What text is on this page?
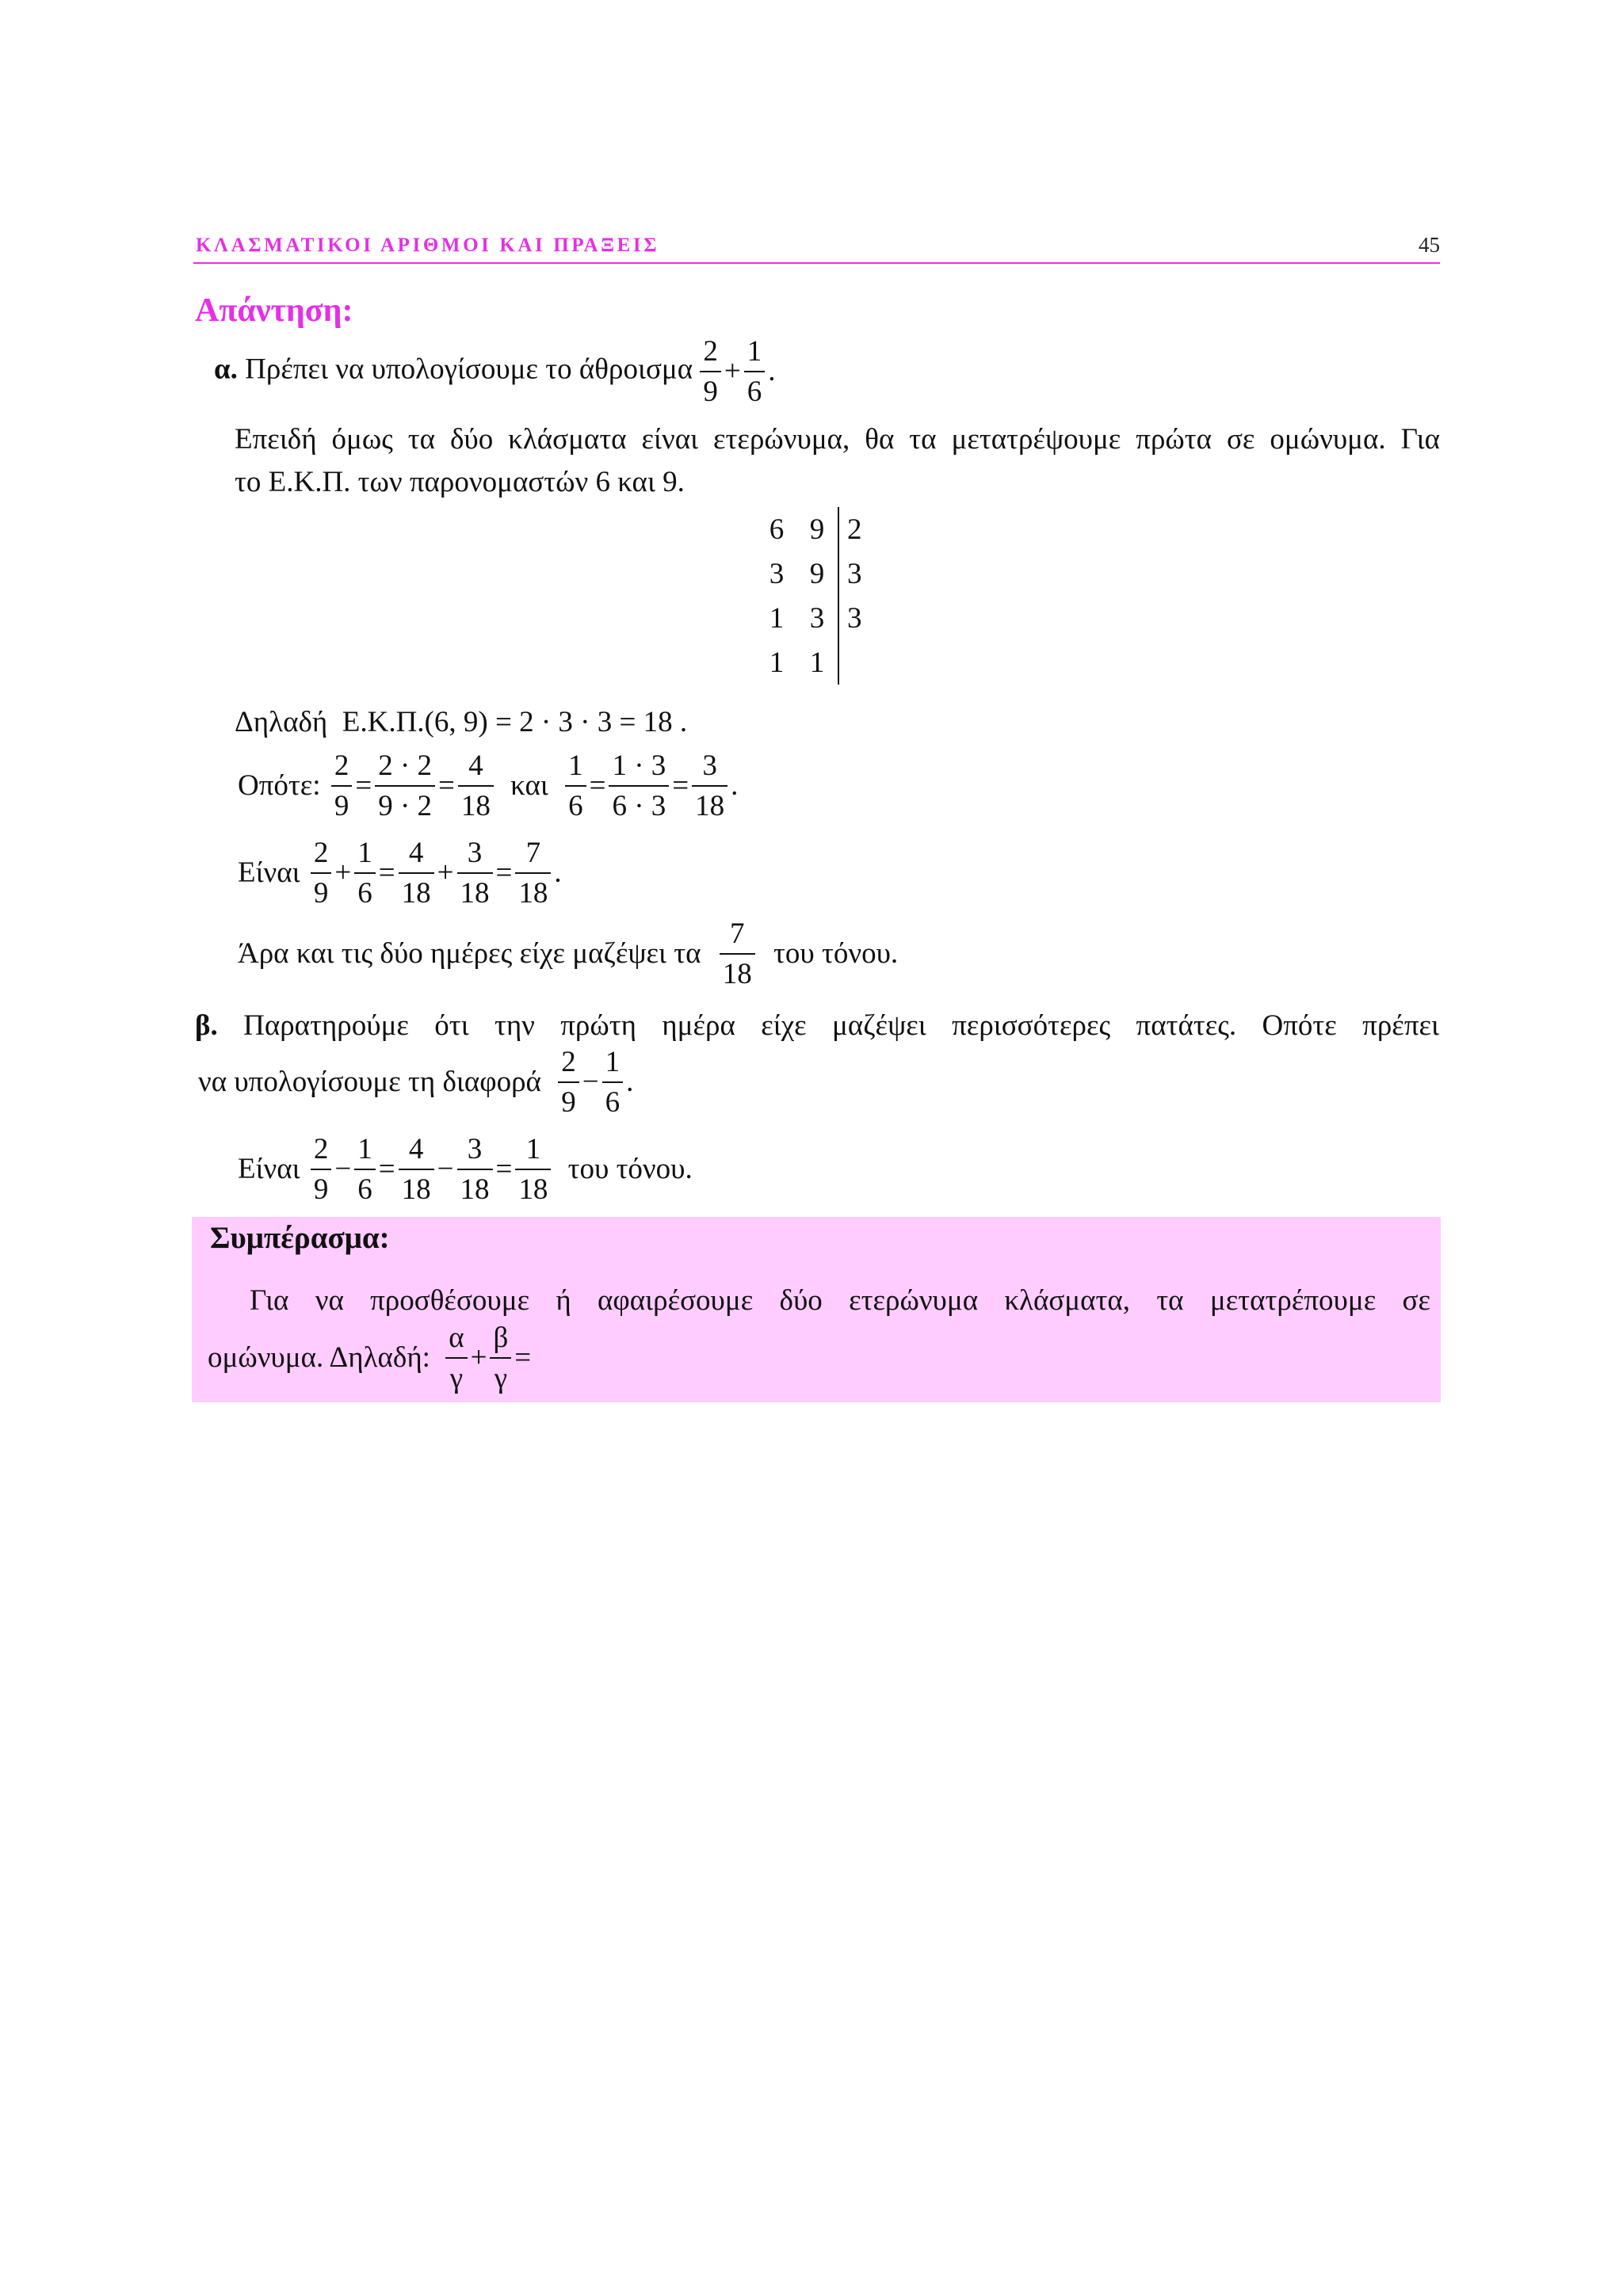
ΚΛΑΣΜΑΤΙΚΟΙ ΑΡΙΘΜΟΙ ΚΑΙ ΠΡΑΞΕΙΣ	45
Απάντηση:
α. Πρέπει να υπολογίσουμε το άθροισμα $\frac{2}{9} + \frac{1}{6}$ .
Επειδή όμως τα δύο κλάσματα είναι ετερώνυμα, θα τα μετατρέψουμε πρώτα σε ομώνυμα. Για
το Ε.Κ.Π. των παρονομαστών 6 και 9.
6	9	2
3	9	3
1	3	3
1	1	
Δηλαδή Ε.Κ.Π.(6, 9) = 2 · 3 · 3 = 18 .
Οπότε: $\frac{2}{9} = \frac{2 \cdot 2}{9 \cdot 2} = \frac{4}{18}$ και $\frac{1}{6} = \frac{1 \cdot 3}{6 \cdot 3} = \frac{3}{18}$ .
Είναι $\frac{2}{9} + \frac{1}{6} = \frac{4}{18} + \frac{3}{18} = \frac{7}{18}$ .
Άρα και τις δύο ημέρες είχε μαζέψει τα $\frac{7}{18}$ του τόνου.
β. Παρατηρούμε ότι την πρώτη ημέρα είχε μαζέψει περισσότερες πατάτες. Οπότε πρέπει
να υπολογίσουμε τη διαφορά $\frac{2}{9} - \frac{1}{6}$ .
Είναι $\frac{2}{9} - \frac{1}{6} = \frac{4}{18} - \frac{3}{18} = \frac{1}{18}$ του τόνου.
Συμπέρασμα:
Για να προσθέσουμε ή αφαιρέσουμε δύο ετερώνυμα κλάσματα, τα μετατρέπουμε σε
ομώνυμα. Δηλαδή: $\frac{\alpha}{\gamma} + \frac{\beta}{\gamma}$ =
